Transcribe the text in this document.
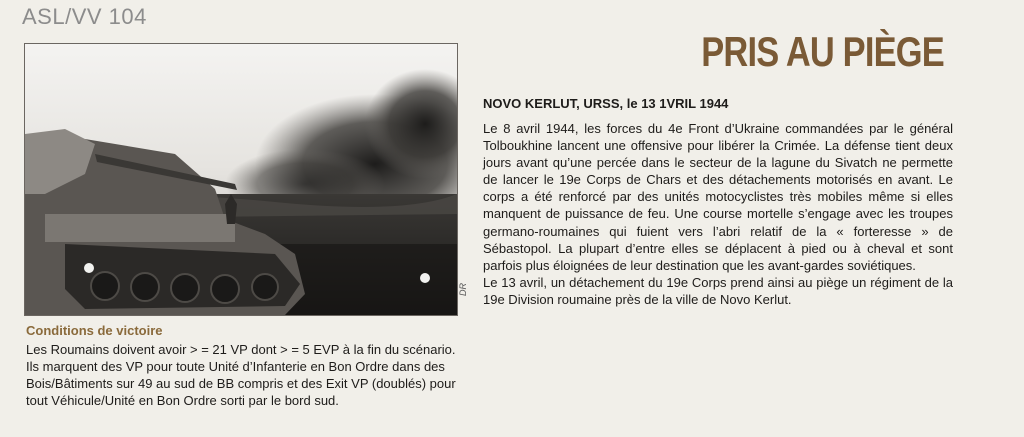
ASL/VV 104
DR
Conditions de victoire
Les Roumains doivent avoir > = 21 VP dont > = 5 EVP à la fin du scénario. Ils marquent des VP pour toute Unité d’Infanterie en Bon Ordre dans des Bois/Bâtiments sur 49 au sud de BB compris et des Exit VP (doublés) pour tout Véhicule/Unité en Bon Ordre sorti par le bord sud.
PRIS AU PIÈGE
NOVO KERLUT, URSS, le 13 1VRIL 1944

Le 8 avril 1944, les forces du 4e Front d’Ukraine commandées par le général Tolboukhine lancent une offensive pour libérer la Crimée. La défense tient deux jours avant qu’une percée dans le secteur de la lagune du Sivatch ne permette de lancer le 19e Corps de Chars et des détachements motorisés en avant. Le corps a été renforcé par des unités motocyclistes très mobiles même si elles manquent de puissance de feu. Une course mortelle s’engage avec les troupes germano-roumaines qui fuient vers l’abri relatif de la « forteresse » de Sébastopol. La plupart d’entre elles se déplacent à pied ou à cheval et sont parfois plus éloignées de leur destination que les avant-gardes soviétiques.

Le 13 avril, un détachement du 19e Corps prend ainsi au piège un régiment de la 19e Division roumaine près de la ville de Novo Kerlut.
